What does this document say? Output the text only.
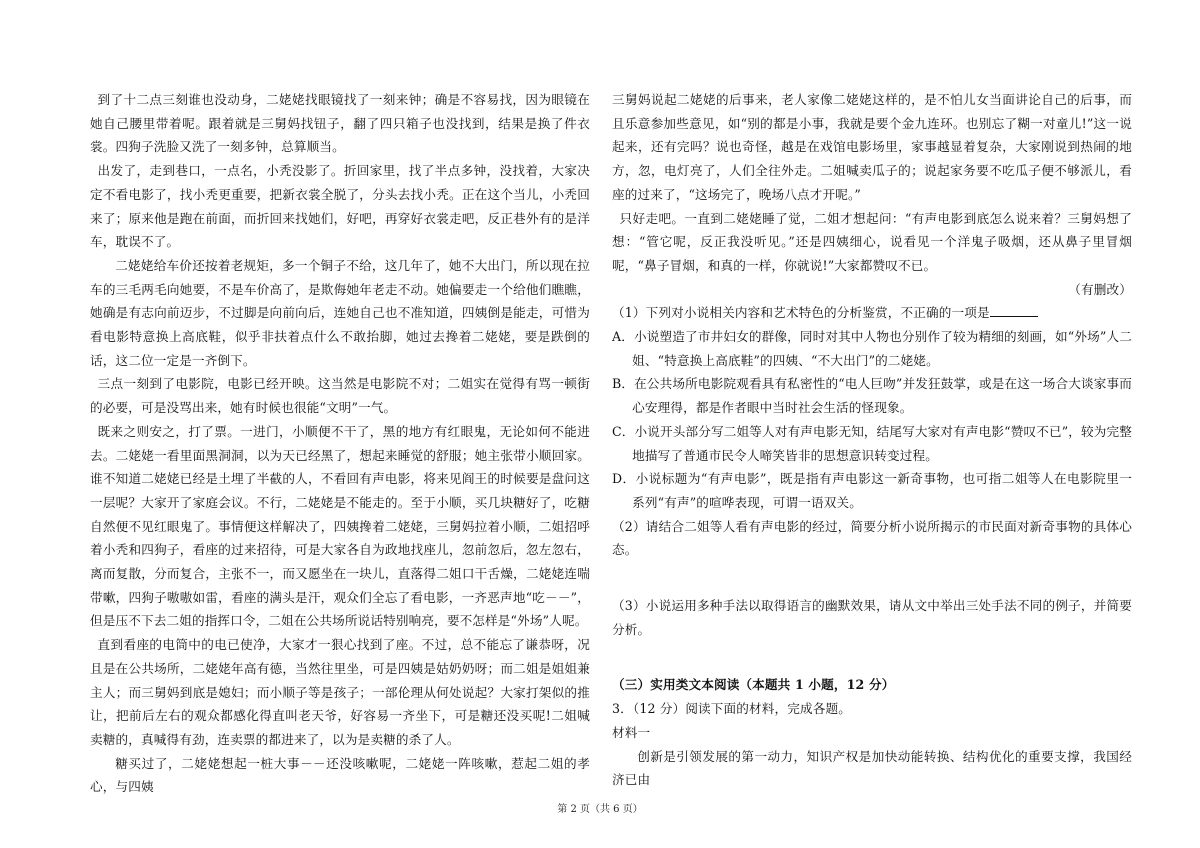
到了十二点三刻谁也没动身，二姥姥找眼镜找了一刻来钟；确是不容易找，因为眼镜在她自己腰里带着呢。跟着就是三舅妈找钮子，翻了四只箱子也没找到，结果是换了件衣裳。四狗子洗脸又洗了一刻多钟，总算顺当。

出发了，走到巷口，一点名，小秃没影了。折回家里，找了半点多钟，没找着，大家决定不看电影了，找小秃更重要，把新衣裳全脱了，分头去找小秃。正在这个当儿，小秃回来了；原来他是跑在前面，而折回来找她们，好吧，再穿好衣裳走吧，反正巷外有的是洋车，耽误不了。

二姥姥给车价还按着老规矩，多一个铜子不给，这几年了，她不大出门，所以现在拉车的三毛两毛向她要，不是车价高了，是欺侮她年老走不动。她偏要走一个给他们瞧瞧，她确是有志向前迈步，不过脚是向前向后，连她自己也不准知道，四姨倒是能走，可惜为看电影特意换上高底鞋，似乎非扶着点什么不敢抬脚，她过去搀着二姥姥，要是跌倒的话，这二位一定是一齐倒下。

三点一刻到了电影院，电影已经开映。这当然是电影院不对；二姐实在觉得有骂一顿街的必要，可是没骂出来，她有时候也很能“文明”一气。

既来之则安之，打了票。一进门，小顺便不干了，黑的地方有红眼鬼，无论如何不能进去。二姥姥一看里面黑洞洞，以为天已经黑了，想起来睡觉的舒服；她主张带小顺回家。谁不知道二姥姥已经是土埋了半截的人，不看回有声电影，将来见阎王的时候要是盘问这一层呢？大家开了家庭会议。不行，二姥姥是不能走的。至于小顺，买几块糖好了，吃糖自然便不见红眼鬼了。事情便这样解决了，四姨搀着二姥姥，三舅妈拉着小顺，二姐招呼着小秃和四狗子，看座的过来招待，可是大家各自为政地找座儿，忽前忽后，忽左忽右，离而复散，分而复合，主张不一，而又愿坐在一块儿，直落得二姐口干舌燥，二姥姥连喘带嗽，四狗子嗷嗷如雷，看座的满头是汗，观众们全忘了看电影，一齐恶声地“吃－－”，但是压不下去二姐的指挥口令，二姐在公共场所说话特别响亮，要不怎样是“外场”人呢。

直到看座的电筒中的电已使净，大家才一狠心找到了座。不过，总不能忘了谦恭呀，况且是在公共场所，二姥姥年高有德，当然往里坐，可是四姨是姑奶奶呀；而二姐是姐姐兼主人；而三舅妈到底是媳妇；而小顺子等是孩子；一部伦理从何处说起？大家打架似的推让，把前后左右的观众都感化得直叫老天爷，好容易一齐坐下，可是糖还没买呢!二姐喊卖糖的，真喊得有劲，连卖票的都进来了，以为是卖糖的杀了人。

糖买过了，二姥姥想起一桩大事－－还没咳嗽呢，二姥姥一阵咳嗽，惹起二姐的孝心，与四姨

三舅妈说起二姥姥的后事来，老人家像二姥姥这样的，是不怕儿女当面讲论自己的后事，而且乐意参加些意见，如“别的都是小事，我就是要个金九连环。也别忘了糊一对童儿!”这一说起来，还有完吗？说也奇怪，越是在戏馆电影场里，家事越显着复杂，大家刚说到热闹的地方，忽，电灯亮了，人们全往外走。二姐喊卖瓜子的；说起家务要不吃瓜子便不够派儿，看座的过来了，“这场完了，晚场八点才开呢。”

只好走吧。一直到二姥姥睡了觉，二姐才想起问：“有声电影到底怎么说来着？三舅妈想了想：“管它呢，反正我没听见。”还是四姨细心，说看见一个洋鬼子吸烟，还从鼻子里冒烟呢，“鼻子冒烟，和真的一样，你就说!”大家都赞叹不已。

（有删改）

（1）下列对小说相关内容和艺术特色的分析鉴赏，不正确的一项是

A．小说塑造了市井妇女的群像，同时对其中人物也分别作了较为精细的刻画，如“外场”人二姐、“特意换上高底鞋”的四姨、“不大出门”的二姥姥。

B．在公共场所电影院观看具有私密性的“电人巨吻”并发狂鼓掌，或是在这一场合大谈家事而心安理得，都是作者眼中当时社会生活的怪现象。

C．小说开头部分写二姐等人对有声电影无知，结尾写大家对有声电影“赞叹不已”，较为完整地描写了普通市民令人啼笑皆非的思想意识转变过程。

D．小说标题为“有声电影”，既是指有声电影这一新奇事物，也可指二姐等人在电影院里一系列“有声”的喧哗表现，可谓一语双关。

（2）请结合二姐等人看有声电影的经过，简要分析小说所揭示的市民面对新奇事物的具体心态。

（3）小说运用多种手法以取得语言的幽默效果，请从文中举出三处手法不同的例子，并简要分析。

（三）实用类文本阅读（本题共 1 小题，12 分）

3．（12 分）阅读下面的材料，完成各题。

材料一

创新是引领发展的第一动力，知识产权是加快动能转换、结构优化的重要支撑，我国经济已由

第 2 页（共 6 页）
